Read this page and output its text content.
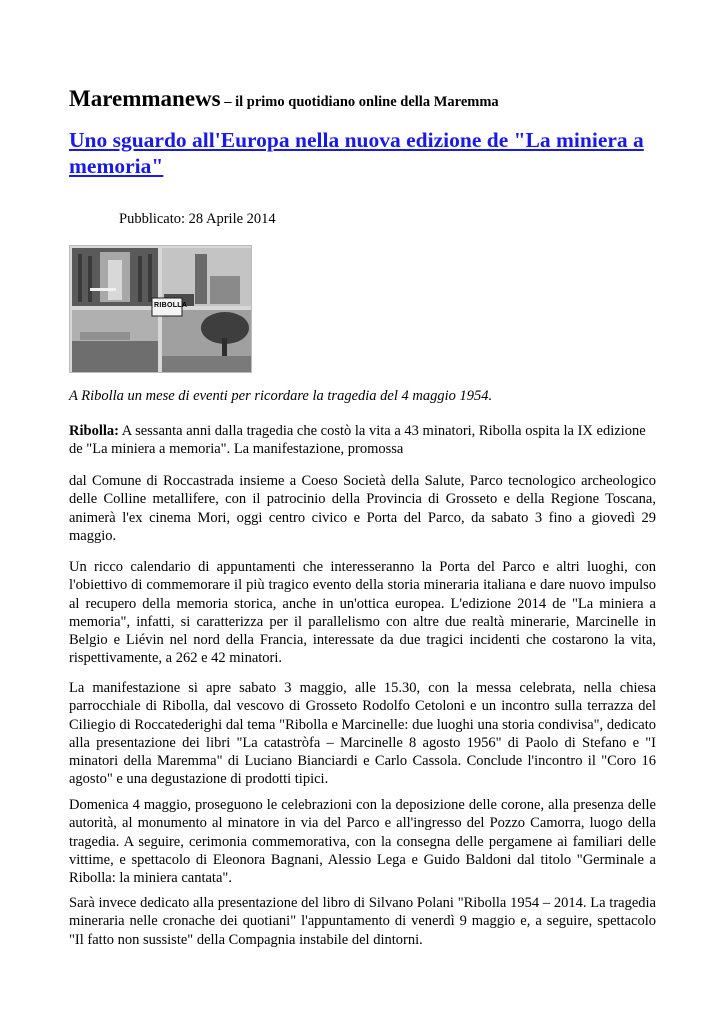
Maremmanews – il primo quotidiano online della Maremma
Uno sguardo all'Europa nella nuova edizione de "La miniera a memoria"
Pubblicato: 28 Aprile 2014
RIBOLLA
A Ribolla un mese di eventi per ricordare la tragedia del 4 maggio 1954.

Ribolla: A sessanta anni dalla tragedia che costò la vita a 43 minatori, Ribolla ospita la IX edizione de "La miniera a memoria". La manifestazione, promossa

dal Comune di Roccastrada insieme a Coeso Società della Salute, Parco tecnologico archeologico delle Colline metallifere, con il patrocinio della Provincia di Grosseto e della Regione Toscana, animerà l'ex cinema Mori, oggi centro civico e Porta del Parco, da sabato 3 fino a giovedì 29 maggio.

Un ricco calendario di appuntamenti che interesseranno la Porta del Parco e altri luoghi, con l'obiettivo di commemorare il più tragico evento della storia mineraria italiana e dare nuovo impulso al recupero della memoria storica, anche in un'ottica europea. L'edizione 2014 de "La miniera a memoria", infatti, si caratterizza per il parallelismo con altre due realtà minerarie, Marcinelle in Belgio e Liévin nel nord della Francia, interessate da due tragici incidenti che costarono la vita, rispettivamente, a 262 e 42 minatori.

La manifestazione si apre sabato 3 maggio, alle 15.30, con la messa celebrata, nella chiesa parrocchiale di Ribolla, dal vescovo di Grosseto Rodolfo Cetoloni e un incontro sulla terrazza del Ciliegio di Roccatederighi dal tema "Ribolla e Marcinelle: due luoghi una storia condivisa", dedicato alla presentazione dei libri "La catastròfa – Marcinelle 8 agosto 1956" di Paolo di Stefano e "I minatori della Maremma" di Luciano Bianciardi e Carlo Cassola. Conclude l'incontro il "Coro 16 agosto" e una degustazione di prodotti tipici.

Domenica 4 maggio, proseguono le celebrazioni con la deposizione delle corone, alla presenza delle autorità, al monumento al minatore in via del Parco e all'ingresso del Pozzo Camorra, luogo della tragedia. A seguire, cerimonia commemorativa, con la consegna delle pergamene ai familiari delle vittime, e spettacolo di Eleonora Bagnani, Alessio Lega e Guido Baldoni dal titolo "Germinale a Ribolla: la miniera cantata".

Sarà invece dedicato alla presentazione del libro di Silvano Polani "Ribolla 1954 – 2014. La tragedia mineraria nelle cronache dei quotiani" l'appuntamento di venerdì 9 maggio e, a seguire, spettacolo "Il fatto non sussiste" della Compagnia instabile del dintorni.
